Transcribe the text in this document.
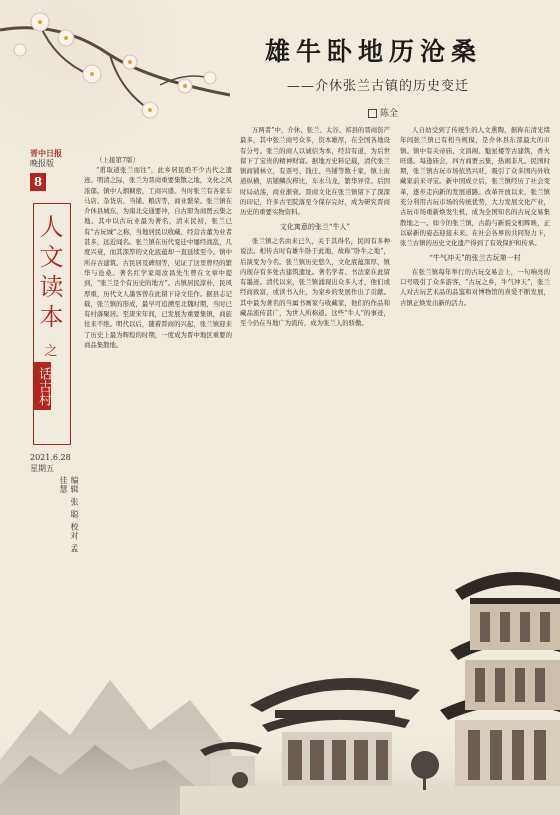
雄牛卧地历沧桑
——介休张兰古镇的历史变迁
陈全
晋中日报
晚报版
8
人文读本
之
话古村
2021.6.28
星期五
编辑 张 聪 校对 孟佳慧

（上接第7版）

“甫取道张兰而往”，此乡居民绝不少古代之遗迹。明清之际，张兰为晋商重要集散之地，文化之风浓郁。镇中人烟稠密，工商兴盛。当时张兰有各家车马店、杂货店、当铺、粮店等，商业繁荣。张兰镇在介休县城东，为南北交通要冲，自古即为商贾云集之地。其中以古玩业最为著名，清末民初，张兰已有“古玩城”之称，当地居民以收藏、经营古董为业者甚多，远近闻名。张兰镇在历代变迁中屡经战乱，几度兴衰，而其深厚的文化底蕴却一直延续至今。镇中所存古建筑、古民居及碑刻等，见证了这里曾经的繁华与沧桑。著名红学家周汝昌先生曾在文章中提到，“张兰是个有历史的地方”。古镇居民淳朴，民风厚重，历代文人墨客曾在此留下诗文佳作。据县志记载，张兰镇的形成，最早可追溯至北魏时期，当时已有村落聚居。至唐宋年间，已发展为重要集镇，商旅往来不绝。明代以后，随着晋商的兴起，张兰镇迎来了历史上最为辉煌的时期，一度成为晋中地区重要的商品集散地。

万两者”中，介休、张兰、太谷、祁县的晋商资产最多，其中张兰商号众多，资本雄厚，在全国各地设有分号。张兰的商人以诚信为本，经营有道，为后世留下了宝贵的精神财富。据地方史料记载，清代张兰镇商铺林立，有票号、钱庄、当铺等数十家，镇上街道纵横，店铺鳞次栉比，车水马龙，繁华异常。后因时局动荡，商业渐衰。晋商文化在张兰镇留下了深深的印记，许多古宅院落至今保存完好，成为研究晋商历史的重要实物资料。

文化寓意的张兰“牛人”

张兰镇之名由来已久，关于其得名，民间有多种说法。相传古时有雄牛卧于此地，故称“卧牛之地”，后演变为今名。张兰镇历史悠久，文化底蕴深厚，镇内现存有多处古建筑遗址。著名学者、书法家在此留有墨迹。清代以来，张兰镇涌现出众多人才，他们或经商致富，或读书入仕，为家乡的发展作出了贡献。其中最为著名的当属书画家与收藏家，他们的作品和藏品流传甚广，为世人所称道。这些“牛人”的事迹，至今仍在当地广为流传，成为张兰人的骄傲。

人自幼受到了传统生的人文熏陶，据称在清光绪年间张兰镇已有相当规模，是介休县东部最大的市镇。镇中有关帝庙、文昌阁、魁星楼等古建筑，香火旺盛。每逢庙会，四方商贾云集，热闹非凡。民国时期，张兰镇古玩市场依然兴旺，吸引了众多国内外收藏家前来寻宝。新中国成立后，张兰镇经历了社会变革，逐步走向新的发展道路。改革开放以来，张兰镇充分利用古玩市场的传统优势，大力发展文化产业，古玩市场重新焕发生机，成为全国知名的古玩交易集散地之一。如今的张兰镇，古韵与新貌交相辉映，正以崭新的姿态迎接未来。在社会各界的共同努力下，张兰古镇的历史文化遗产得到了有效保护和传承。

“牛气冲天”的张兰古玩第一村

在张兰镇每年举行的古玩交易会上，一句响亮的口号吸引了众多游客，“古玩之乡，牛气冲天”，张兰人对古玩艺术品的品鉴和对博物馆的喜爱不断发展，古镇正焕发出新的活力。
